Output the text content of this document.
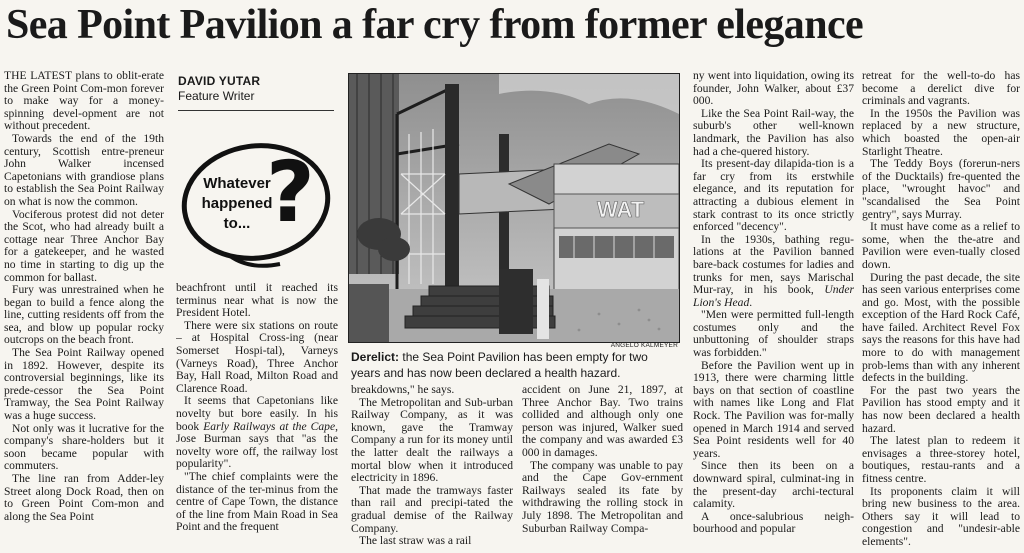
Sea Point Pavilion a far cry from former elegance

THE LATEST plans to oblit-erate the Green Point Com-mon forever to make way for a money-spinning devel-opment are not without precedent.

Towards the end of the 19th century, Scottish entre-preneur John Walker incensed Capetonians with grandiose plans to establish the Sea Point Railway on what is now the common.

Vociferous protest did not deter the Scot, who had already built a cottage near Three Anchor Bay for a gatekeeper, and he wasted no time in starting to dig up the common for ballast.

Fury was unrestrained when he began to build a fence along the line, cutting residents off from the sea, and blow up popular rocky outcrops on the beach front.

The Sea Point Railway opened in 1892. However, despite its controversial beginnings, like its prede-cessor the Sea Point Tramway, the Sea Point Railway was a huge success.

Not only was it lucrative for the company's share-holders but it soon became popular with commuters.

The line ran from Adder-ley Street along Dock Road, then on to Green Point Com-mon and along the Sea Point

DAVID YUTAR
Feature Writer
Whatever
happened
to... ?

beachfront until it reached its terminus near what is now the President Hotel.

There were six stations on route – at Hospital Cross-ing (near Somerset Hospi-tal), Varneys (Varneys Road), Three Anchor Bay, Hall Road, Milton Road and Clarence Road.

It seems that Capetonians like novelty but bore easily. In his book Early Railways at the Cape, Jose Burman says that "as the novelty wore off, the railway lost popularity".

"The chief complaints were the distance of the ter-minus from the centre of Cape Town, the distance of the line from Main Road in Sea Point and the frequent

WAT
ANGELO KALMEYER
Derelict: the Sea Point Pavilion has been empty for two years and has now been declared a health hazard.

breakdowns," he says.

The Metropolitan and Sub-urban Railway Company, as it was known, gave the Tramway Company a run for its money until the latter dealt the railways a mortal blow when it introduced electricity in 1896.

That made the tramways faster than rail and precipi-tated the gradual demise of the Railway Company.

The last straw was a rail

accident on June 21, 1897, at Three Anchor Bay. Two trains collided and although only one person was injured, Walker sued the company and was awarded £3 000 in damages.

The company was unable to pay and the Cape Gov-ernment Railways sealed its fate by withdrawing the rolling stock in July 1898. The Metropolitan and Suburban Railway Compa-

ny went into liquidation, owing its founder, John Walker, about £37 000.

Like the Sea Point Rail-way, the suburb's other well-known landmark, the Pavilion has also had a che-quered history.

Its present-day dilapida-tion is a far cry from its erstwhile elegance, and its reputation for attracting a dubious element in stark contrast to its once strictly enforced "decency".

In the 1930s, bathing regu-lations at the Pavilion banned bare-back costumes for ladies and trunks for men, says Marischal Mur-ray, in his book, Under Lion's Head.

"Men were permitted full-length costumes only and the unbuttoning of shoulder straps was forbidden."

Before the Pavilion went up in 1913, there were charming little bays on that section of coastline with names like Long and Flat Rock. The Pavilion was for-mally opened in March 1914 and served Sea Point residents well for 40 years.

Since then its been on a downward spiral, culminat-ing in the present-day archi-tectural calamity.

A once-salubrious neigh-bourhood and popular

retreat for the well-to-do has become a derelict dive for criminals and vagrants.

In the 1950s the Pavilion was replaced by a new structure, which boasted the open-air Starlight Theatre.

The Teddy Boys (forerun-ners of the Ducktails) fre-quented the place, "wrought havoc" and "scandalised the Sea Point gentry", says Murray.

It must have come as a relief to some, when the the-atre and Pavilion were even-tually closed down.

During the past decade, the site has seen various enterprises come and go. Most, with the possible exception of the Hard Rock Café, have failed. Architect Revel Fox says the reasons for this have had more to do with management prob-lems than with any inherent defects in the building.

For the past two years the Pavilion has stood empty and it has now been declared a health hazard.

The latest plan to redeem it envisages a three-storey hotel, boutiques, restau-rants and a fitness centre.

Its proponents claim it will bring new business to the area. Others say it will lead to congestion and "undesir-able elements".
